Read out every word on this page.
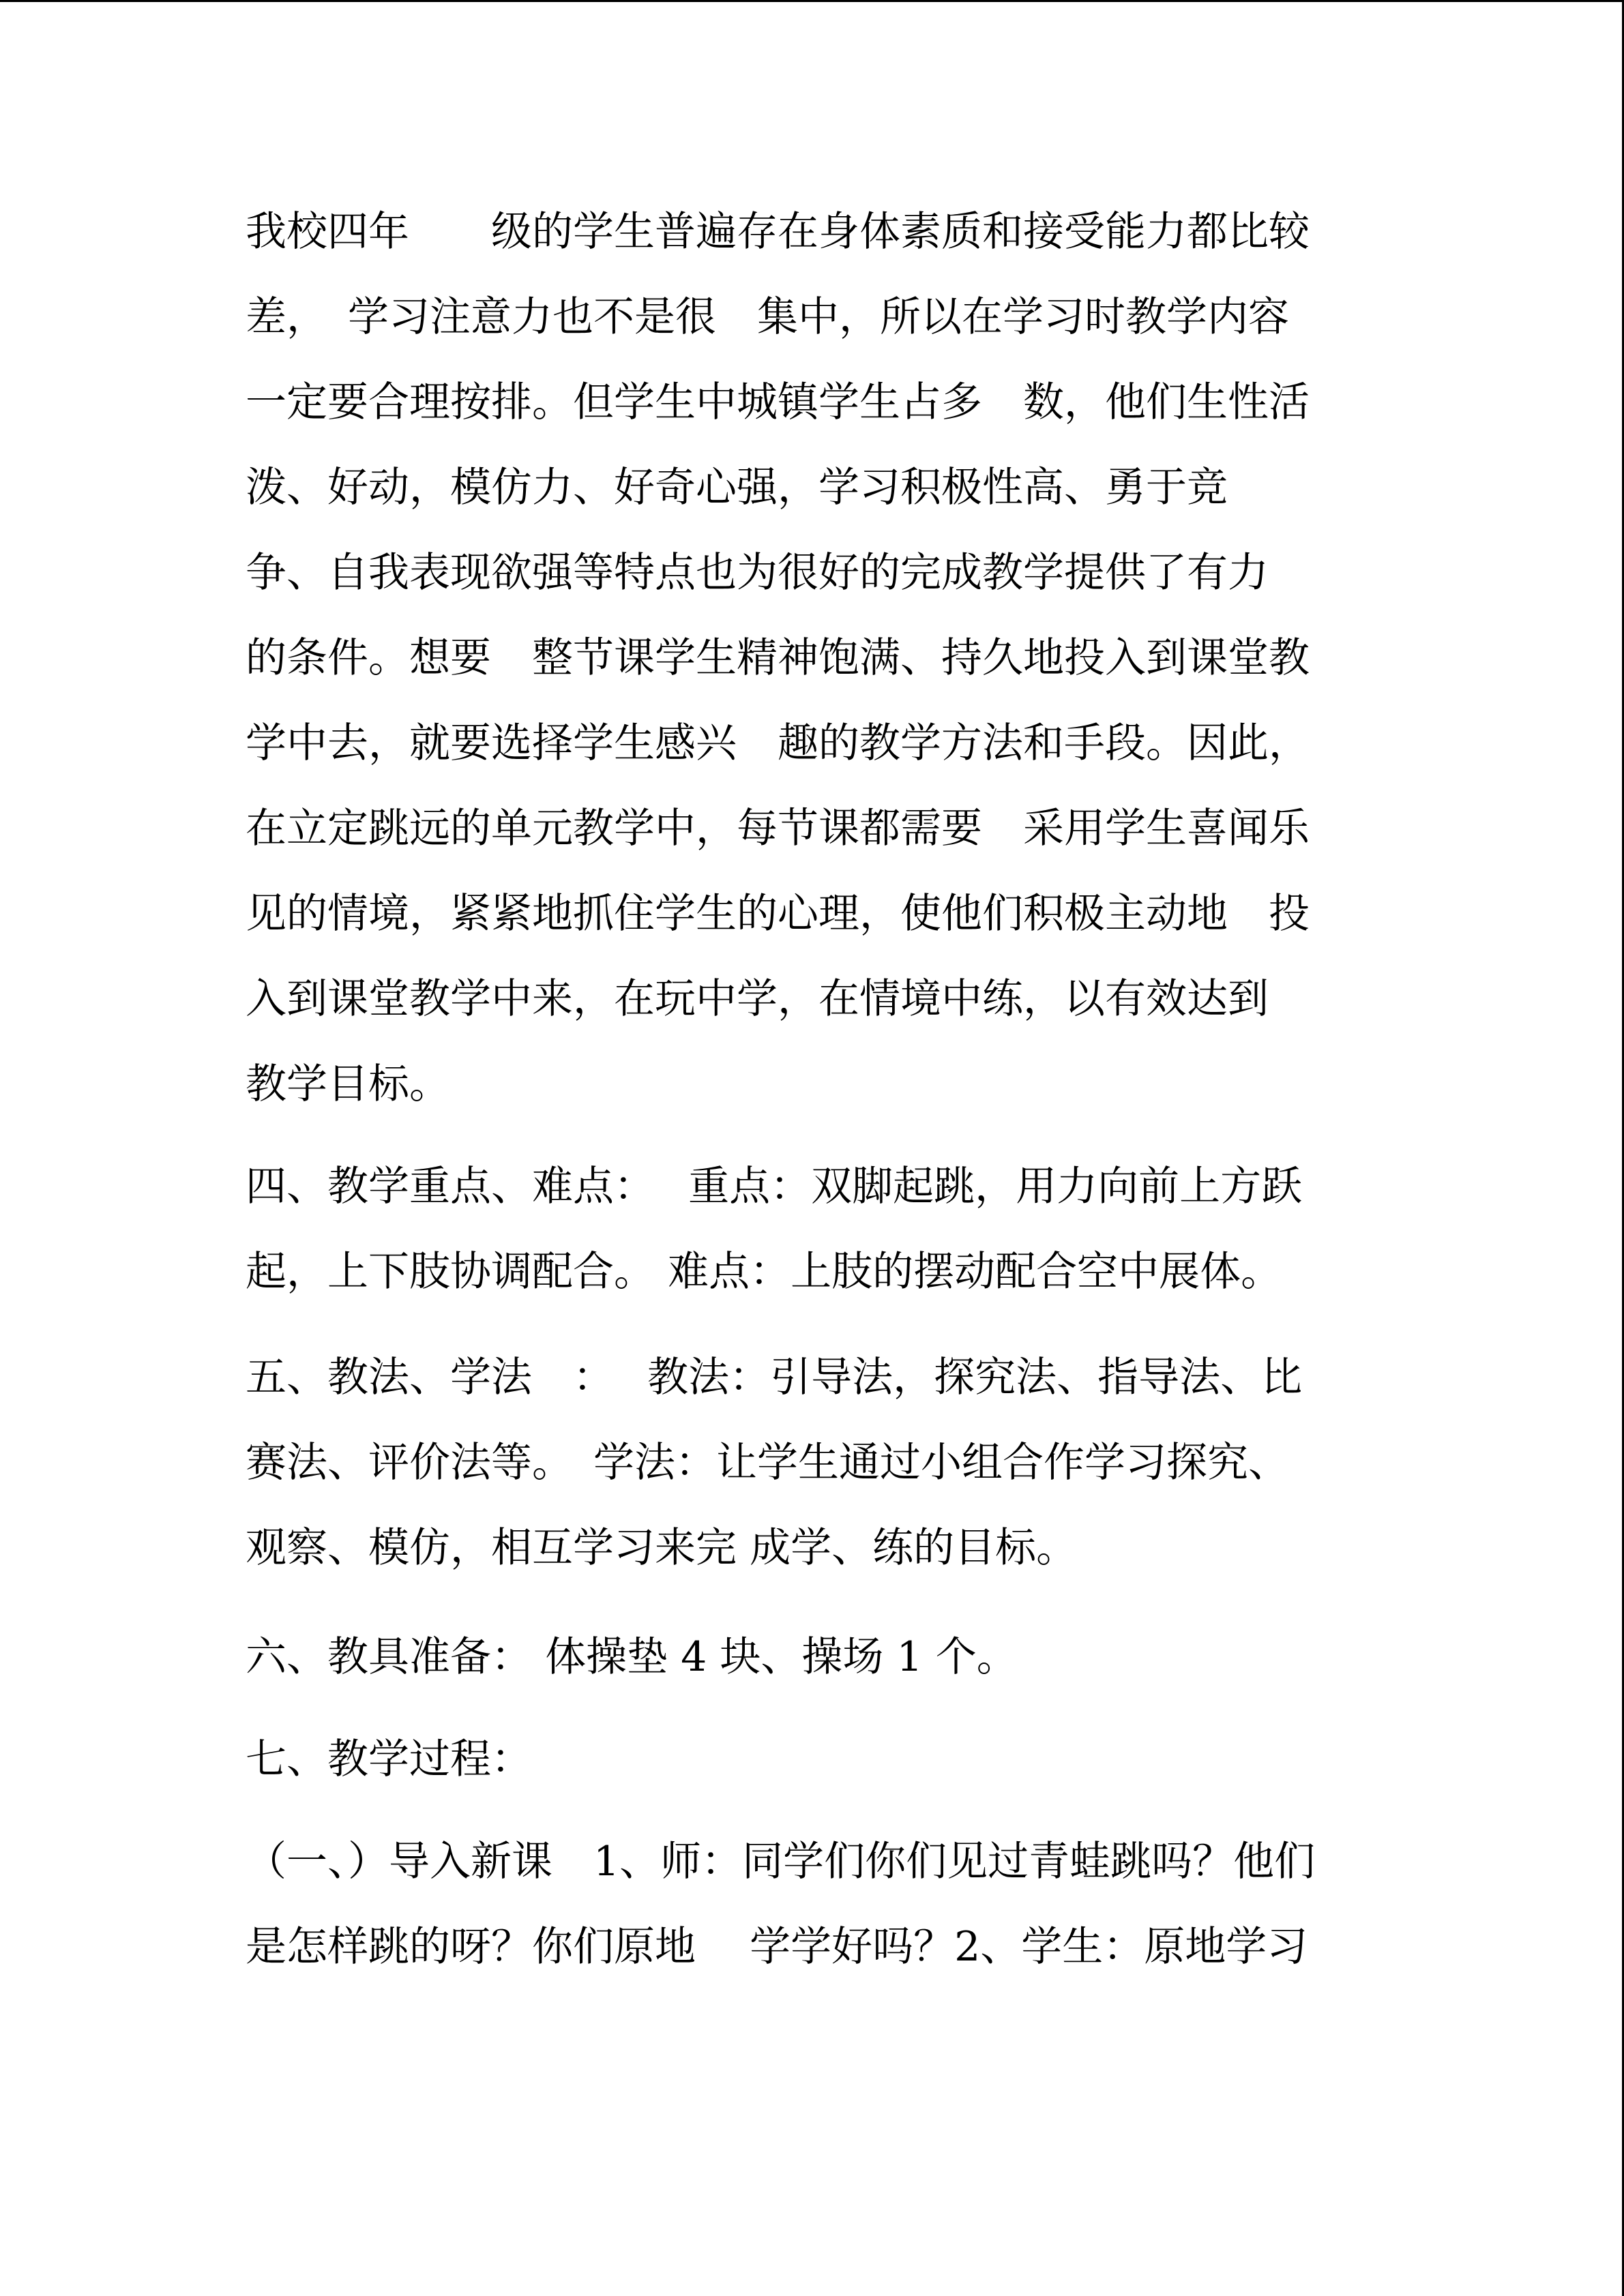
我校四年　　级的学生普遍存在身体素质和接受能力都比较
差，　学习注意力也不是很　集中，所以在学习时教学内容
一定要合理按排。但学生中城镇学生占多　数，他们生性活
泼、好动，模仿力、好奇心强，学习积极性高、勇于竞
争、自我表现欲强等特点也为很好的完成教学提供了有力
的条件。想要　整节课学生精神饱满、持久地投入到课堂教
学中去，就要选择学生感兴　趣的教学方法和手段。因此，
在立定跳远的单元教学中，每节课都需要　采用学生喜闻乐
见的情境，紧紧地抓住学生的心理，使他们积极主动地　投
入到课堂教学中来，在玩中学，在情境中练，以有效达到
教学目标。
四、教学重点、难点：　 重点：双脚起跳，用力向前上方跃
起，上下肢协调配合。 难点：上肢的摆动配合空中展体。
五、教法、学法　：　 教法：引导法，探究法、指导法、比
赛法、评价法等。　学法：让学生通过小组合作学习探究、
观察、模仿，相互学习来完 成学、练的目标。
六、教具准备： 体操垫 4 块、操场 1 个。
七、教学过程：
（一、）导入新课　1、师：同学们你们见过青蛙跳吗？他们
是怎样跳的呀？你们原地　 学学好吗？2、学生：原地学习
